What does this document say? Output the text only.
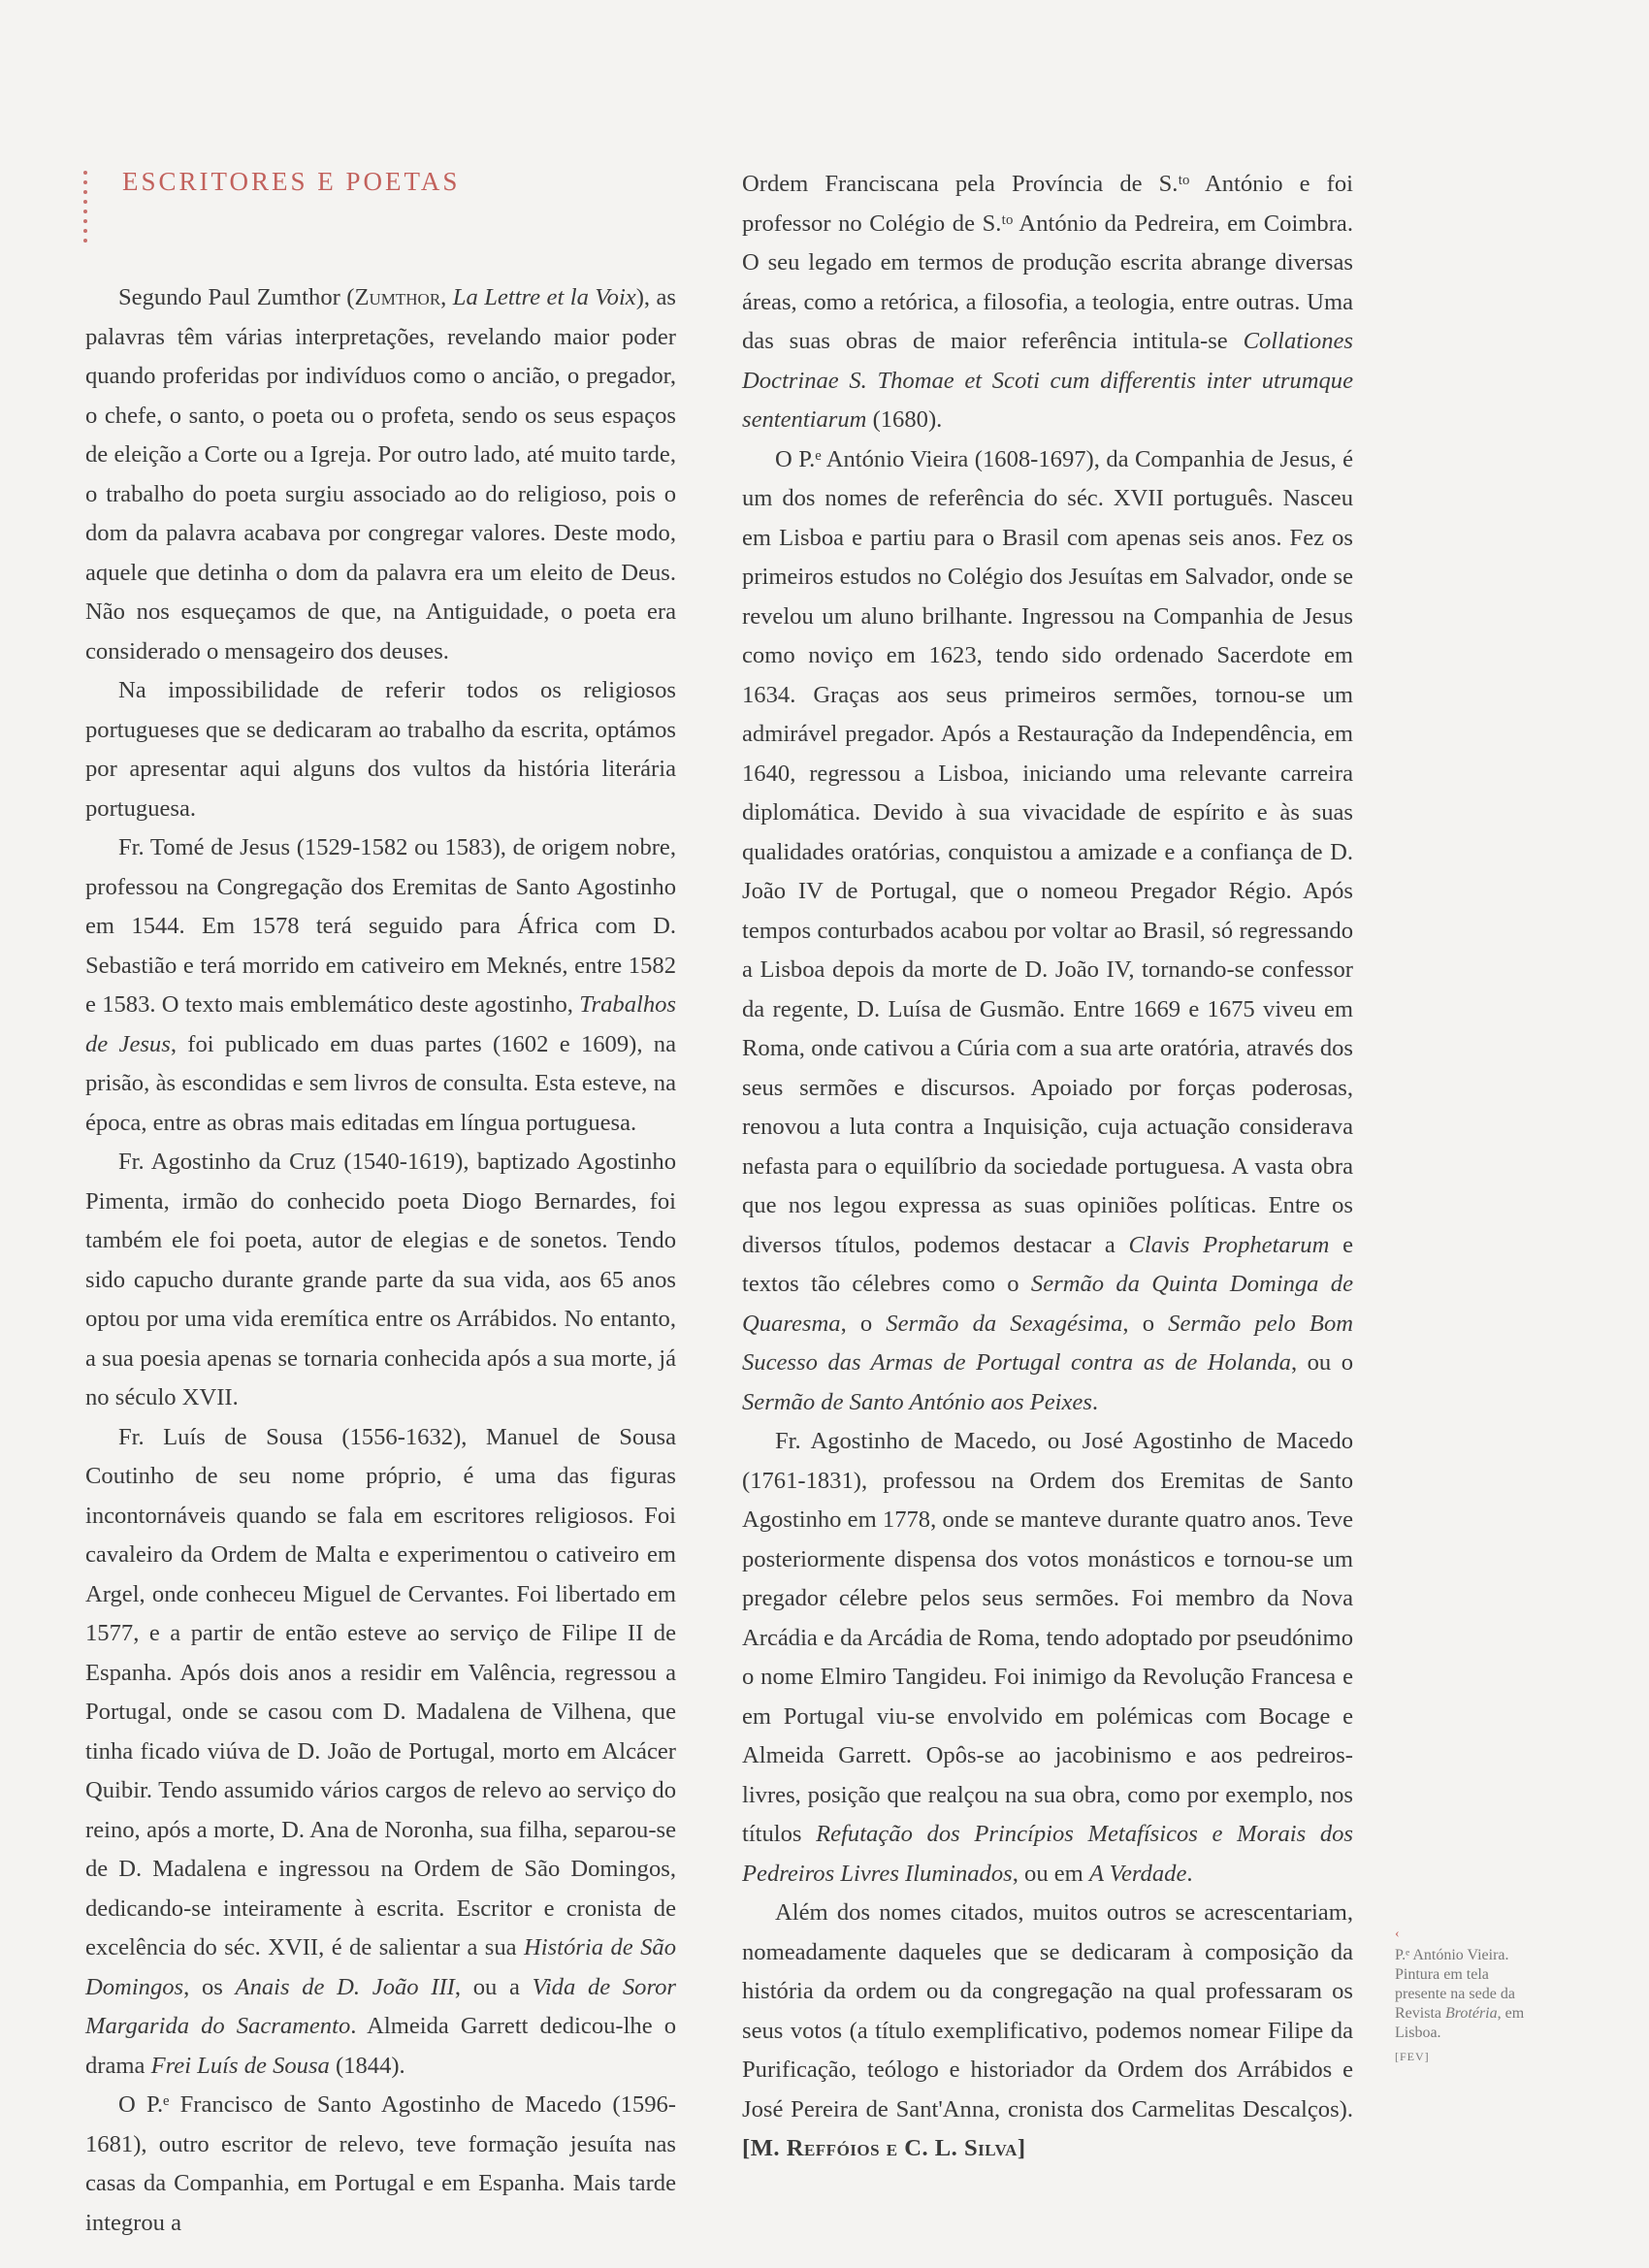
ESCRITORES E POETAS

Segundo Paul Zumthor (Zumthor, La Lettre et la Voix), as palavras têm várias interpretações, revelando maior poder quando proferidas por indivíduos como o ancião, o pregador, o chefe, o santo, o poeta ou o profeta, sendo os seus espaços de eleição a Corte ou a Igreja. Por outro lado, até muito tarde, o trabalho do poeta surgiu associado ao do religioso, pois o dom da palavra acabava por congregar valores. Deste modo, aquele que detinha o dom da palavra era um eleito de Deus. Não nos esqueçamos de que, na Antiguidade, o poeta era considerado o mensageiro dos deuses.

Na impossibilidade de referir todos os religiosos portugueses que se dedicaram ao trabalho da escrita, optámos por apresentar aqui alguns dos vultos da história literária portuguesa.

Fr. Tomé de Jesus (1529-1582 ou 1583), de origem nobre, professou na Congregação dos Eremitas de Santo Agostinho em 1544. Em 1578 terá seguido para África com D. Sebastião e terá morrido em cativeiro em Meknés, entre 1582 e 1583. O texto mais emblemático deste agostinho, Trabalhos de Jesus, foi publicado em duas partes (1602 e 1609), na prisão, às escondidas e sem livros de consulta. Esta esteve, na época, entre as obras mais editadas em língua portuguesa.

Fr. Agostinho da Cruz (1540-1619), baptizado Agostinho Pimenta, irmão do conhecido poeta Diogo Bernardes, foi também ele foi poeta, autor de elegias e de sonetos. Tendo sido capucho durante grande parte da sua vida, aos 65 anos optou por uma vida eremítica entre os Arrábidos. No entanto, a sua poesia apenas se tornaria conhecida após a sua morte, já no século XVII.

Fr. Luís de Sousa (1556-1632), Manuel de Sousa Coutinho de seu nome próprio, é uma das figuras incontornáveis quando se fala em escritores religiosos. Foi cavaleiro da Ordem de Malta e experimentou o cativeiro em Argel, onde conheceu Miguel de Cervantes. Foi libertado em 1577, e a partir de então esteve ao serviço de Filipe II de Espanha. Após dois anos a residir em Valência, regressou a Portugal, onde se casou com D. Madalena de Vilhena, que tinha ficado viúva de D. João de Portugal, morto em Alcácer Quibir. Tendo assumido vários cargos de relevo ao serviço do reino, após a morte, D. Ana de Noronha, sua filha, separou-se de D. Madalena e ingressou na Ordem de São Domingos, dedicando-se inteiramente à escrita. Escritor e cronista de excelência do séc. XVII, é de salientar a sua História de São Domingos, os Anais de D. João III, ou a Vida de Soror Margarida do Sacramento. Almeida Garrett dedicou-lhe o drama Frei Luís de Sousa (1844).

O P.ᵉ Francisco de Santo Agostinho de Macedo (1596-1681), outro escritor de relevo, teve formação jesuíta nas casas da Companhia, em Portugal e em Espanha. Mais tarde integrou a

Ordem Franciscana pela Província de S.ᵗᵒ António e foi professor no Colégio de S.ᵗᵒ António da Pedreira, em Coimbra. O seu legado em termos de produção escrita abrange diversas áreas, como a retórica, a filosofia, a teologia, entre outras. Uma das suas obras de maior referência intitula-se Collationes Doctrinae S. Thomae et Scoti cum differentis inter utrumque sententiarum (1680).

O P.ᵉ António Vieira (1608-1697), da Companhia de Jesus, é um dos nomes de referência do séc. XVII português. Nasceu em Lisboa e partiu para o Brasil com apenas seis anos. Fez os primeiros estudos no Colégio dos Jesuítas em Salvador, onde se revelou um aluno brilhante. Ingressou na Companhia de Jesus como noviço em 1623, tendo sido ordenado Sacerdote em 1634. Graças aos seus primeiros sermões, tornou-se um admirável pregador. Após a Restauração da Independência, em 1640, regressou a Lisboa, iniciando uma relevante carreira diplomática. Devido à sua vivacidade de espírito e às suas qualidades oratórias, conquistou a amizade e a confiança de D. João IV de Portugal, que o nomeou Pregador Régio. Após tempos conturbados acabou por voltar ao Brasil, só regressando a Lisboa depois da morte de D. João IV, tornando-se confessor da regente, D. Luísa de Gusmão. Entre 1669 e 1675 viveu em Roma, onde cativou a Cúria com a sua arte oratória, através dos seus sermões e discursos. Apoiado por forças poderosas, renovou a luta contra a Inquisição, cuja actuação considerava nefasta para o equilíbrio da sociedade portuguesa. A vasta obra que nos legou expressa as suas opiniões políticas. Entre os diversos títulos, podemos destacar a Clavis Prophetarum e textos tão célebres como o Sermão da Quinta Dominga de Quaresma, o Sermão da Sexagésima, o Sermão pelo Bom Sucesso das Armas de Portugal contra as de Holanda, ou o Sermão de Santo António aos Peixes.

Fr. Agostinho de Macedo, ou José Agostinho de Macedo (1761-1831), professou na Ordem dos Eremitas de Santo Agostinho em 1778, onde se manteve durante quatro anos. Teve posteriormente dispensa dos votos monásticos e tornou-se um pregador célebre pelos seus sermões. Foi membro da Nova Arcádia e da Arcádia de Roma, tendo adoptado por pseudónimo o nome Elmiro Tangideu. Foi inimigo da Revolução Francesa e em Portugal viu-se envolvido em polémicas com Bocage e Almeida Garrett. Opôs-se ao jacobinismo e aos pedreiros-livres, posição que realçou na sua obra, como por exemplo, nos títulos Refutação dos Princípios Metafísicos e Morais dos Pedreiros Livres Iluminados, ou em A Verdade.

Além dos nomes citados, muitos outros se acrescentariam, nomeadamente daqueles que se dedicaram à composição da história da ordem ou da congregação na qual professaram os seus votos (a título exemplificativo, podemos nomear Filipe da Purificação, teólogo e historiador da Ordem dos Arrábidos e José Pereira de Sant'Anna, cronista dos Carmelitas Descalços). [M. Reffóios e C. L. Silva]

‹
P.ᵉ António Vieira. Pintura em tela presente na sede da Revista Brotéria, em Lisboa.
[FEV]
